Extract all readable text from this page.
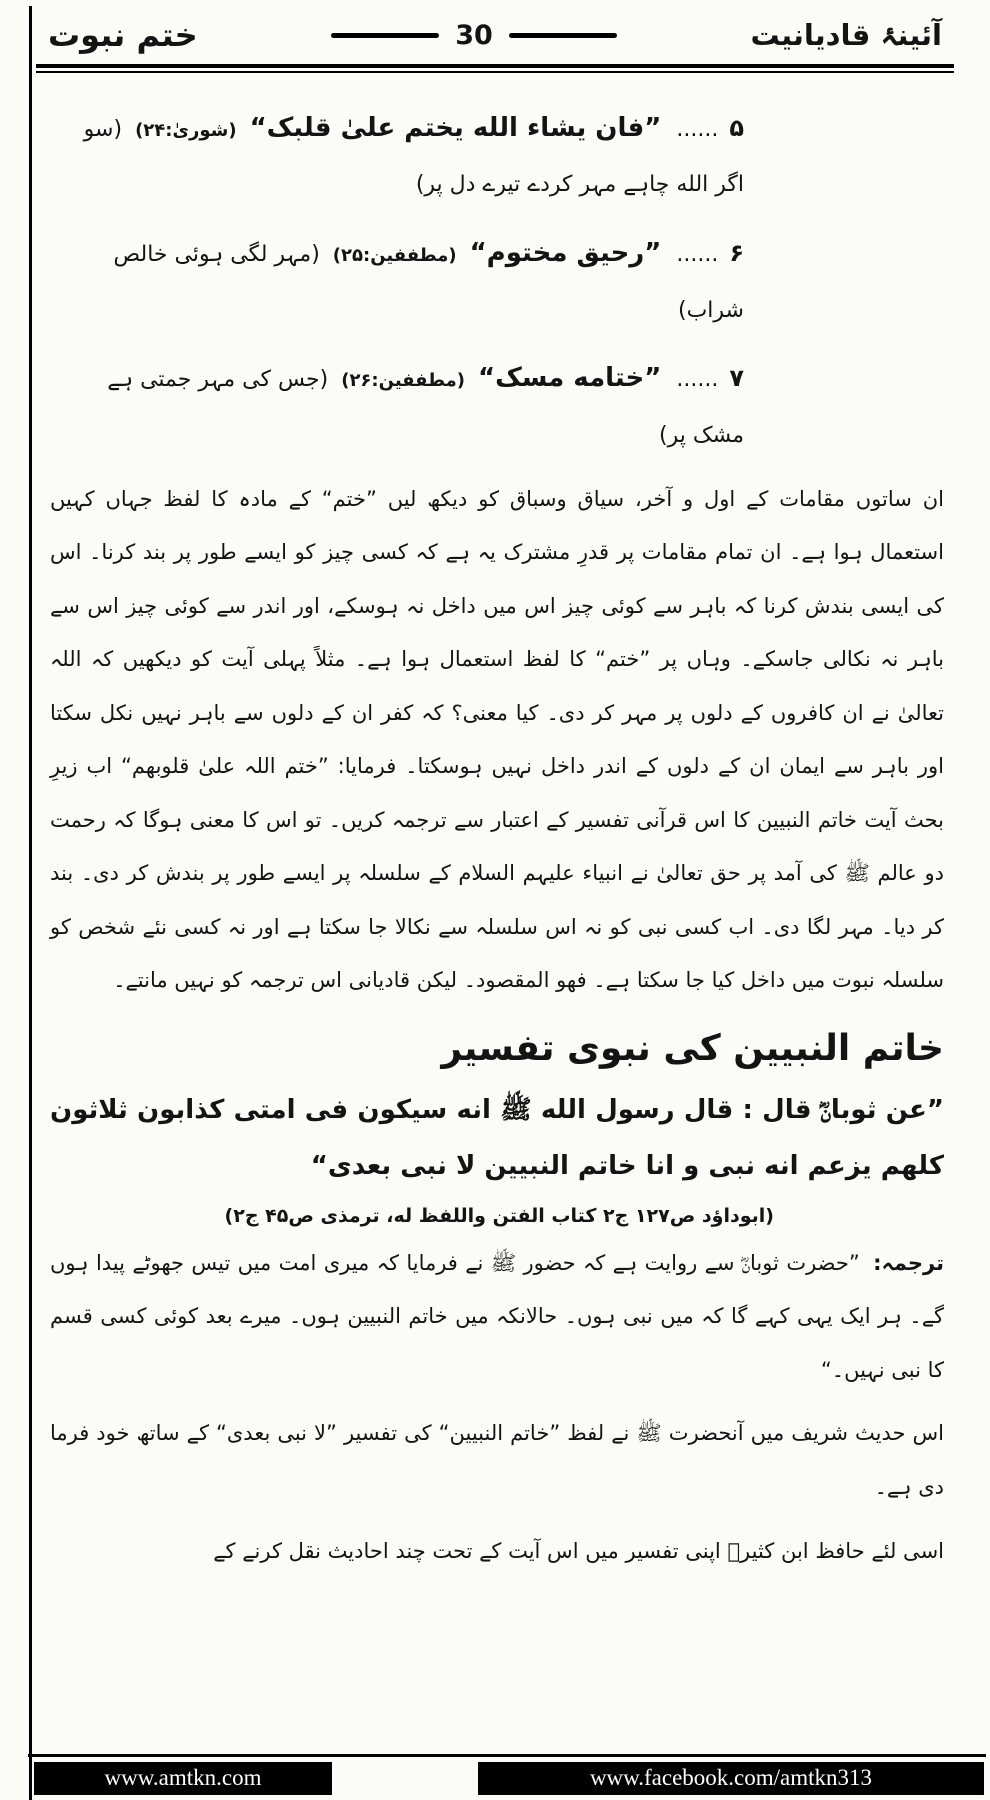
آئینۂ قادیانیت
30
ختم نبوت

۵ ...... ”فان يشاء الله يختم علىٰ قلبک“ (شورىٰ:۲۴) (سو اگر الله چاہے مہر کردے تیرے دل پر)

۶ ...... ”رحيق مختوم“ (مطففين:۲۵) (مہر لگی ہوئی خالص شراب)

۷ ...... ”ختامه مسک“ (مطففين:۲۶) (جس کی مہر جمتی ہے مشک پر)

ان ساتوں مقامات کے اول و آخر، سیاق وسباق کو دیکھ لیں ”ختم“ کے مادہ کا لفظ جہاں کہیں استعمال ہوا ہے۔ ان تمام مقامات پر قدرِ مشترک یہ ہے کہ کسی چیز کو ایسے طور پر بند کرنا۔ اس کی ایسی بندش کرنا کہ باہر سے کوئی چیز اس میں داخل نہ ہوسکے، اور اندر سے کوئی چیز اس سے باہر نہ نکالی جاسکے۔ وہاں پر ”ختم“ کا لفظ استعمال ہوا ہے۔ مثلاً پہلی آیت کو دیکھیں کہ اللہ تعالیٰ نے ان کافروں کے دلوں پر مہر کر دی۔ کیا معنی؟ کہ کفر ان کے دلوں سے باہر نہیں نکل سکتا اور باہر سے ایمان ان کے دلوں کے اندر داخل نہیں ہوسکتا۔ فرمایا: ”ختم اللہ علىٰ قلوبهم“ اب زیرِ بحث آیت خاتم النبیین کا اس قرآنی تفسیر کے اعتبار سے ترجمہ کریں۔ تو اس کا معنی ہوگا کہ رحمت دو عالم ﷺ کی آمد پر حق تعالیٰ نے انبیاء علیہم السلام کے سلسلہ پر ایسے طور پر بندش کر دی۔ بند کر دیا۔ مہر لگا دی۔ اب کسی نبی کو نہ اس سلسلہ سے نکالا جا سکتا ہے اور نہ کسی نئے شخص کو سلسلہ نبوت میں داخل کیا جا سکتا ہے۔ فهو المقصود۔ لیکن قادیانی اس ترجمہ کو نہیں مانتے۔

خاتم النبیین کی نبوی تفسیر

”عن ثوبانؓ قال : قال رسول الله ﷺ انه سيکون فی امتی کذابون ثلاثون کلهم يزعم انه نبی و انا خاتم النبيين لا نبی بعدی“

(ابوداؤد ص۱۲۷ ج۲ کتاب الفتن واللفظ له، ترمذی ص۴۵ ج۲)

ترجمہ: ”حضرت ثوبانؓ سے روایت ہے کہ حضور ﷺ نے فرمایا کہ میری امت میں تیس جھوٹے پیدا ہوں گے۔ ہر ایک یہی کہے گا کہ میں نبی ہوں۔ حالانکہ میں خاتم النبیین ہوں۔ میرے بعد کوئی کسی قسم کا نبی نہیں۔“

اس حدیث شریف میں آنحضرت ﷺ نے لفظ ”خاتم النبیین“ کی تفسیر ”لا نبی بعدی“ کے ساتھ خود فرما دی ہے۔

اسی لئے حافظ ابن کثیرؒ اپنی تفسیر میں اس آیت کے تحت چند احادیث نقل کرنے کے

www.amtkn.com	www.facebook.com/amtkn313
